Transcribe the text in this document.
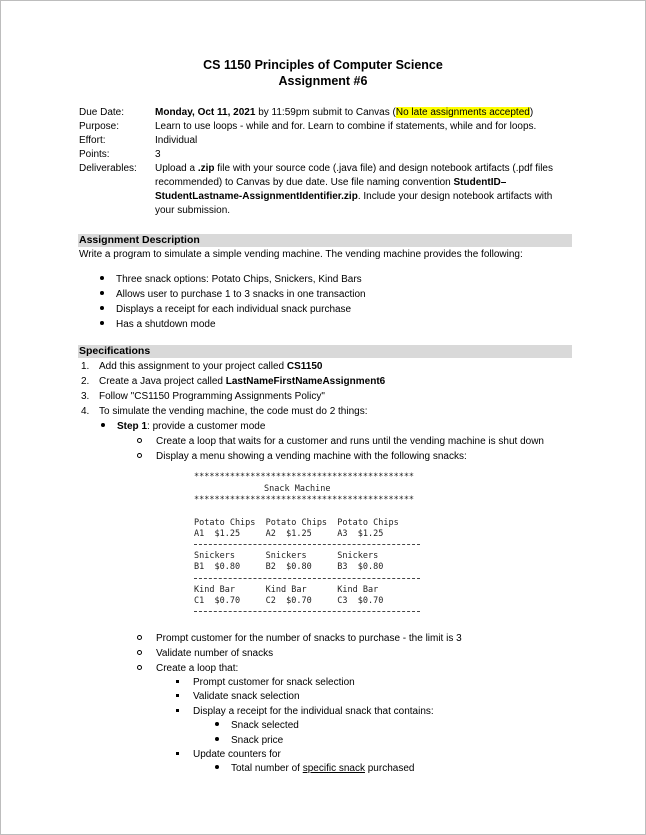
CS 1150 Principles of Computer Science
Assignment #6
Due Date:	Monday, Oct 11, 2021 by 11:59pm submit to Canvas (No late assignments accepted)
Purpose:	Learn to use loops - while and for. Learn to combine if statements, while and for loops.
Effort:	Individual
Points:	3
Deliverables:	Upload a .zip file with your source code (.java file) and design notebook artifacts (.pdf files recommended) to Canvas by due date. Use file naming convention StudentID–StudentLastname-AssignmentIdentifier.zip. Include your design notebook artifacts with your submission.
Assignment Description
Write a program to simulate a simple vending machine. The vending machine provides the following:
Three snack options: Potato Chips, Snickers, Kind Bars
Allows user to purchase 1 to 3 snacks in one transaction
Displays a receipt for each individual snack purchase
Has a shutdown mode
Specifications
1. Add this assignment to your project called CS1150
2. Create a Java project called LastNameFirstNameAssignment6
3. Follow "CS1150 Programming Assignments Policy"
4. To simulate the vending machine, the code must do 2 things:
Step 1: provide a customer mode
Create a loop that waits for a customer and runs until the vending machine is shut down
Display a menu showing a vending machine with the following snacks:
*******************************************
Snack Machine
*******************************************
Potato Chips  Potato Chips  Potato Chips
A1  $1.25     A2  $1.25     A3  $1.25
Snickers      Snickers      Snickers
B1  $0.80     B2  $0.80     B3  $0.80
Kind Bar      Kind Bar      Kind Bar
C1  $0.70     C2  $0.70     C3  $0.70
Prompt customer for the number of snacks to purchase - the limit is 3
Validate number of snacks
Create a loop that:
Prompt customer for snack selection
Validate snack selection
Display a receipt for the individual snack that contains:
Snack selected
Snack price
Update counters for
Total number of specific snack purchased
